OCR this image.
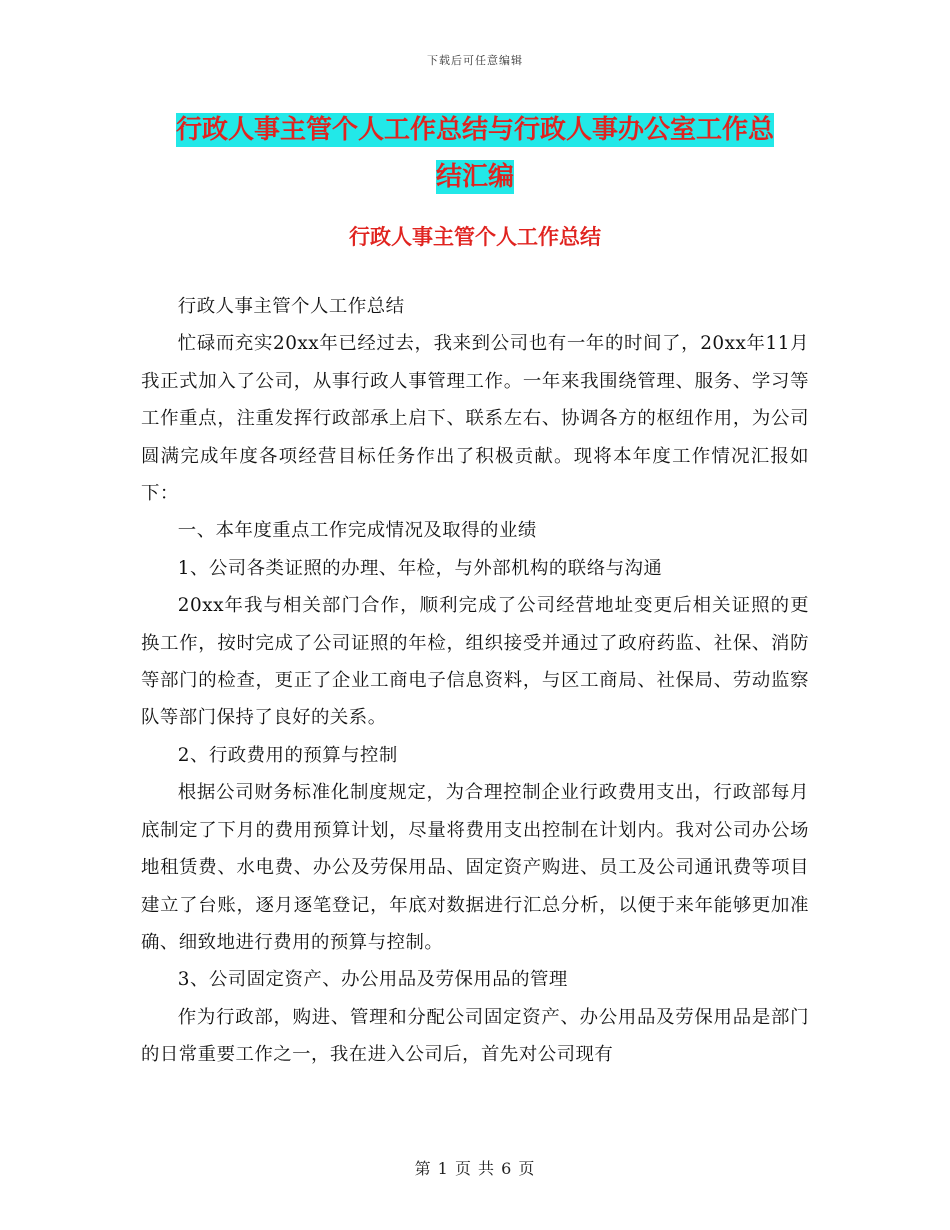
下载后可任意编辑
行政人事主管个人工作总结与行政人事办公室工作总
结汇编
行政人事主管个人工作总结

行政人事主管个人工作总结

忙碌而充实20xx年已经过去，我来到公司也有一年的时间了，20xx年11月我正式加入了公司，从事行政人事管理工作。一年来我围绕管理、服务、学习等工作重点，注重发挥行政部承上启下、联系左右、协调各方的枢纽作用，为公司圆满完成年度各项经营目标任务作出了积极贡献。现将本年度工作情况汇报如下：

一、本年度重点工作完成情况及取得的业绩

1、公司各类证照的办理、年检，与外部机构的联络与沟通

20xx年我与相关部门合作，顺利完成了公司经营地址变更后相关证照的更换工作，按时完成了公司证照的年检，组织接受并通过了政府药监、社保、消防等部门的检查，更正了企业工商电子信息资料，与区工商局、社保局、劳动监察队等部门保持了良好的关系。

2、行政费用的预算与控制

根据公司财务标准化制度规定，为合理控制企业行政费用支出，行政部每月底制定了下月的费用预算计划，尽量将费用支出控制在计划内。我对公司办公场地租赁费、水电费、办公及劳保用品、固定资产购进、员工及公司通讯费等项目建立了台账，逐月逐笔登记，年底对数据进行汇总分析，以便于来年能够更加准确、细致地进行费用的预算与控制。

3、公司固定资产、办公用品及劳保用品的管理

作为行政部，购进、管理和分配公司固定资产、办公用品及劳保用品是部门的日常重要工作之一，我在进入公司后，首先对公司现有

第 1 页 共 6 页
